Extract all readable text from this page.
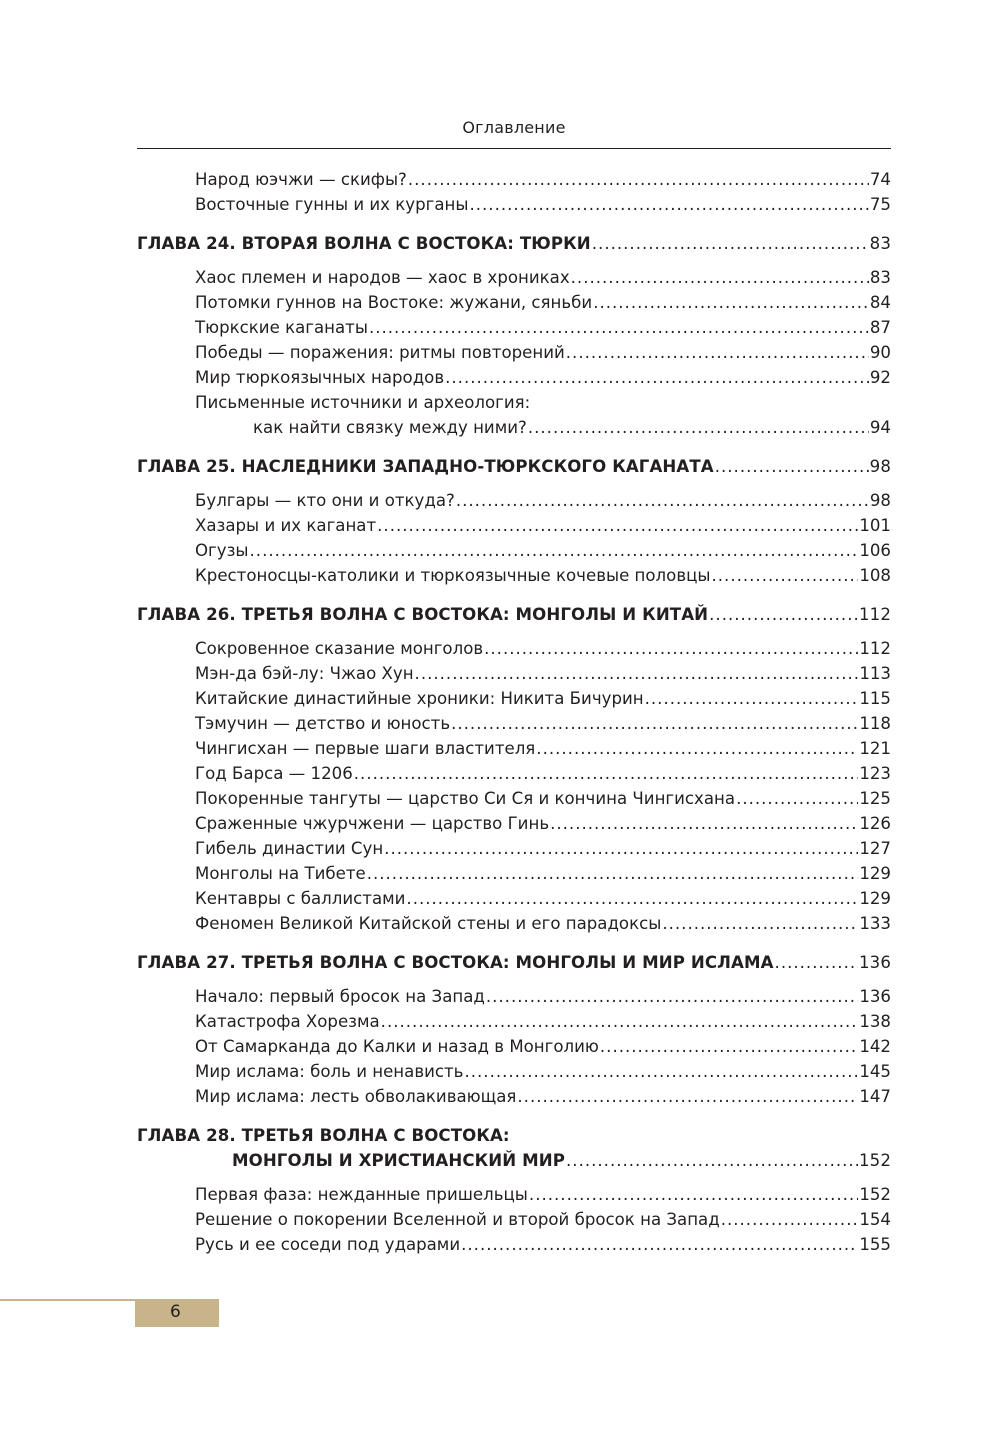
Оглавление
Народ юэчжи — скифы? .....	74
Восточные гунны и их курганы .....	75
ГЛАВА 24. ВТОРАЯ ВОЛНА С ВОСТОКА: ТЮРКИ .....	83
Хаос племен и народов — хаос в хрониках .....	83
Потомки гуннов на Востоке: жужани, сяньби .....	84
Тюркские каганаты .....	87
Победы — поражения: ритмы повторений .....	90
Мир тюркоязычных народов .....	92
Письменные источники и археология:
как найти связку между ними? .....	94
ГЛАВА 25. НАСЛЕДНИКИ ЗАПАДНО-ТЮРКСКОГО КАГАНАТА .....	98
Булгары — кто они и откуда? .....	98
Хазары и их каганат .....	101
Огузы .....	106
Крестоносцы-католики и тюркоязычные кочевые половцы .....	108
ГЛАВА 26. ТРЕТЬЯ ВОЛНА С ВОСТОКА: МОНГОЛЫ И КИТАЙ .....	112
Сокровенное сказание монголов .....	112
Мэн-да бэй-лу: Чжао Хун .....	113
Китайские династийные хроники: Никита Бичурин .....	115
Тэмучин — детство и юность .....	118
Чингисхан — первые шаги властителя .....	121
Год Барса — 1206 .....	123
Покоренные тангуты — царство Си Ся и кончина Чингисхана .....	125
Сраженные чжурчжени — царство Гинь .....	126
Гибель династии Сун .....	127
Монголы на Тибете .....	129
Кентавры с баллистами .....	129
Феномен Великой Китайской стены и его парадоксы .....	133
ГЛАВА 27. ТРЕТЬЯ ВОЛНА С ВОСТОКА: МОНГОЛЫ И МИР ИСЛАМА .....	136
Начало: первый бросок на Запад .....	136
Катастрофа Хорезма .....	138
От Самарканда до Калки и назад в Монголию .....	142
Мир ислама: боль и ненависть .....	145
Мир ислама: лесть обволакивающая .....	147
ГЛАВА 28. ТРЕТЬЯ ВОЛНА С ВОСТОКА:
МОНГОЛЫ И ХРИСТИАНСКИЙ МИР .....	152
Первая фаза: нежданные пришельцы .....	152
Решение о покорении Вселенной и второй бросок на Запад .....	154
Русь и ее соседи под ударами .....	155
6
